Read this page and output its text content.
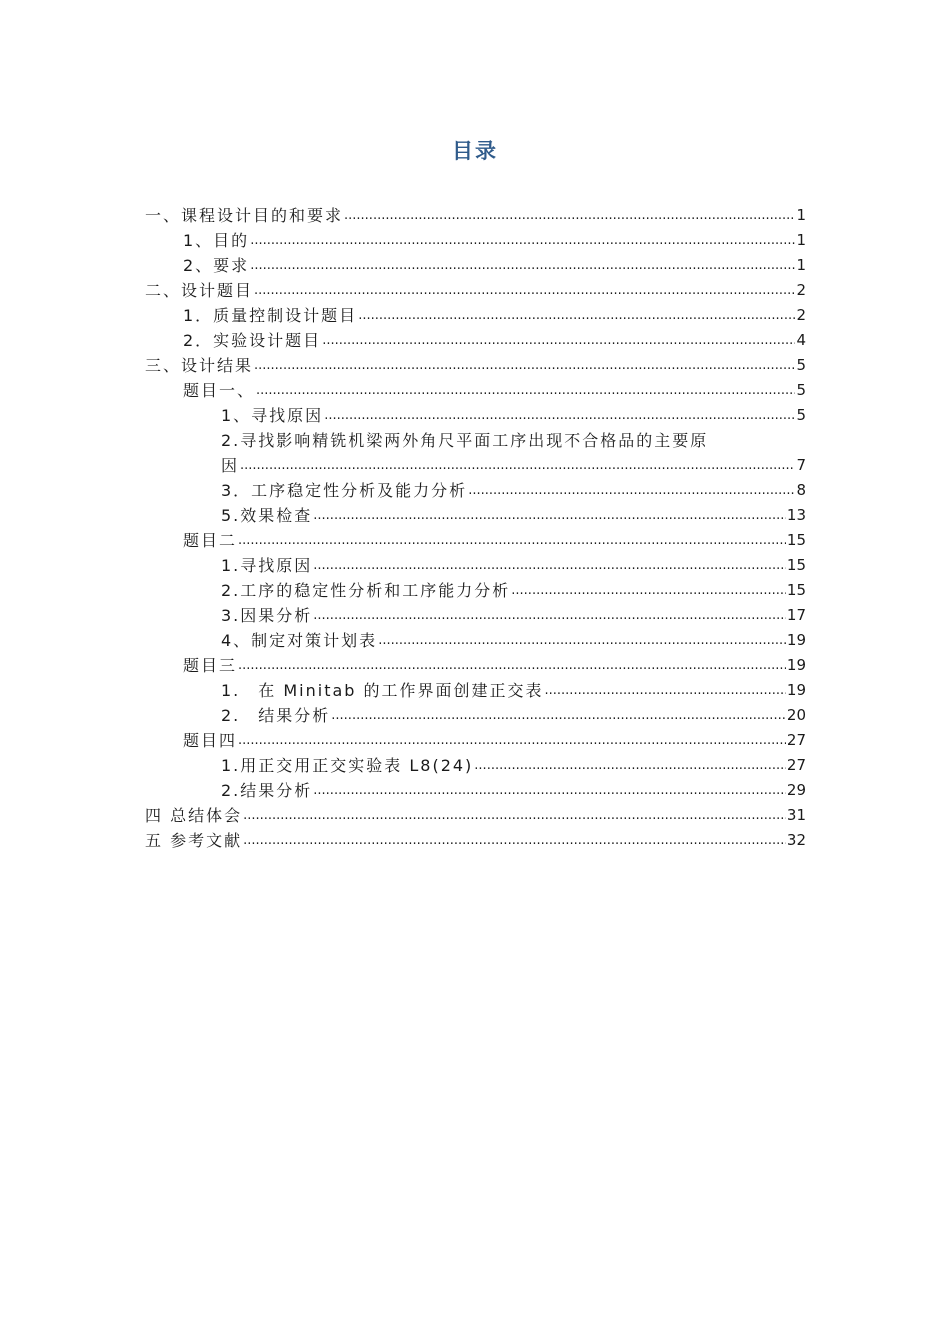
目录
一、课程设计目的和要求 .....	1
1、目的 .....	1
2、要求 .....	1
二、设计题目 .....	2
1．质量控制设计题目 .....	2
2．实验设计题目 .....	4
三、设计结果 .....	5
题目一、 .....	5
1、寻找原因 .....	5
2.寻找影响精铣机梁两外角尺平面工序出现不合格品的主要原
因 .....	7
3．工序稳定性分析及能力分析 .....	8
5.效果检查 .....	13
题目二 .....	15
1.寻找原因 .....	15
2.工序的稳定性分析和工序能力分析 .....	15
3.因果分析 .....	17
4、制定对策计划表 .....	19
题目三 .....	19
1.　在 Minitab 的工作界面创建正交表 .....	19
2.　结果分析 .....	20
题目四 .....	27
1.用正交用正交实验表 L8(24) .....	27
2.结果分析 .....	29
四 总结体会 .....	31
五 参考文献 .....	32
